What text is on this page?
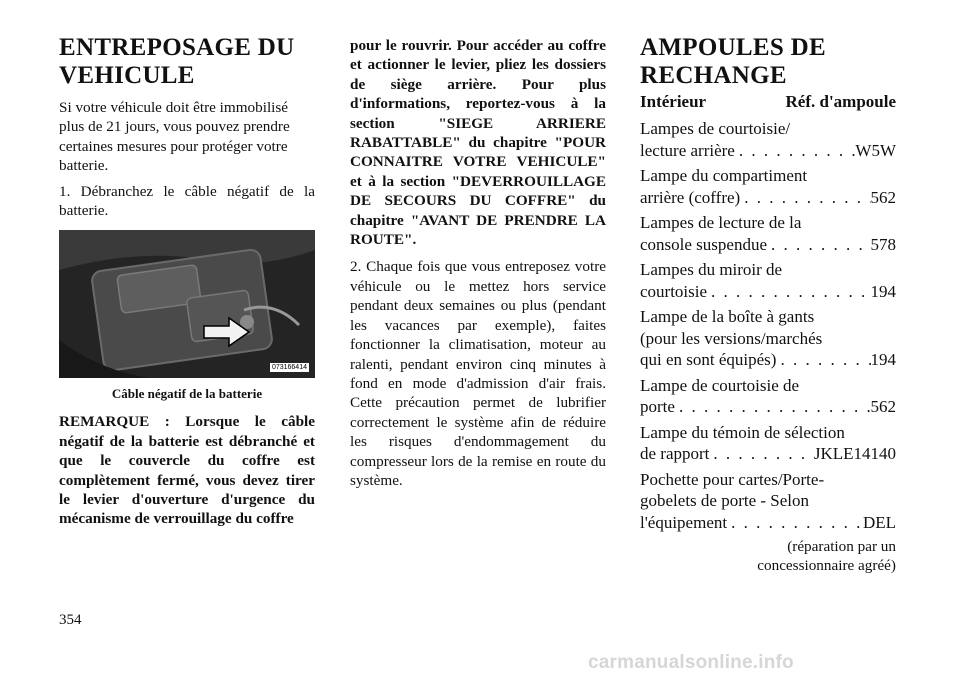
ENTREPOSAGE DU
VEHICULE

Si votre véhicule doit être immobilisé plus de 21 jours, vous pouvez prendre certaines mesures pour protéger votre batterie.

1. Débranchez le câble négatif de la batterie.

073166414
Câble négatif de la batterie

REMARQUE : Lorsque le câble négatif de la batterie est débranché et que le couvercle du coffre est complètement fermé, vous devez tirer le levier d'ouverture d'urgence du mécanisme de verrouillage du coffre

pour le rouvrir. Pour accéder au coffre et actionner le levier, pliez les dossiers de siège arrière. Pour plus d'informations, reportez-vous à la section "SIEGE ARRIERE RABATTABLE" du chapitre "POUR CONNAITRE VOTRE VEHICULE" et à la section "DEVERROUILLAGE DE SECOURS DU COFFRE" du chapitre "AVANT DE PRENDRE LA ROUTE".

2. Chaque fois que vous entreposez votre véhicule ou le mettez hors service pendant deux semaines ou plus (pendant les vacances par exemple), faites fonctionner la climatisation, moteur au ralenti, pendant environ cinq minutes à fond en mode d'admission d'air frais. Cette précaution permet de lubrifier correctement le système afin de réduire les risques d'endommagement du compresseur lors de la remise en route du système.

AMPOULES DE
RECHANGE
Intérieur	Réf. d'ampoule
Lampes de courtoisie/
lecture arrière . . .	W5W
Lampe du compartiment
arrière (coffre) . . .	562
Lampes de lecture de la
console suspendue . . .	578
Lampes du miroir de
courtoisie . . .	194
Lampe de la boîte à gants
(pour les versions/marchés
qui en sont équipés) . . .	194
Lampe de courtoisie de
porte . . .	562
Lampe du témoin de sélection
de rapport . . .	JKLE14140
Pochette pour cartes/Porte-
gobelets de porte - Selon
l'équipement . . .	DEL
(réparation par un
concessionnaire agréé)
354
carmanualsonline.info
